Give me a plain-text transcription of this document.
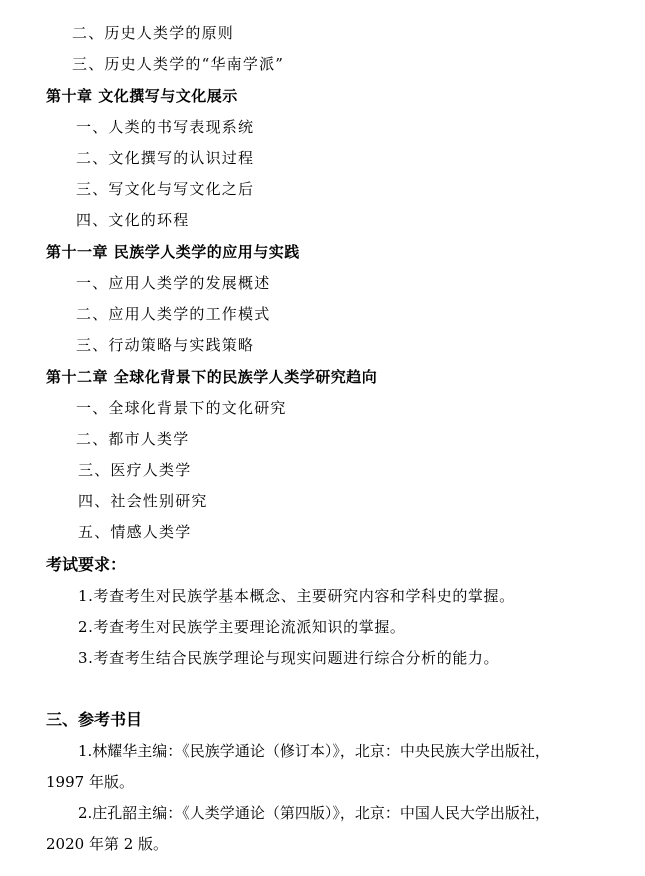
二、历史人类学的原则
三、历史人类学的“华南学派”
第十章 文化撰写与文化展示
一、人类的书写表现系统
二、文化撰写的认识过程
三、写文化与写文化之后
四、文化的环程
第十一章 民族学人类学的应用与实践
一、应用人类学的发展概述
二、应用人类学的工作模式
三、行动策略与实践策略
第十二章 全球化背景下的民族学人类学研究趋向
一、全球化背景下的文化研究
二、都市人类学
三、医疗人类学
四、社会性别研究
五、情感人类学
考试要求：
1.考查考生对民族学基本概念、主要研究内容和学科史的掌握。
2.考查考生对民族学主要理论流派知识的掌握。
3.考查考生结合民族学理论与现实问题进行综合分析的能力。
三、参考书目
1.林耀华主编：《民族学通论（修订本）》，北京：中央民族大学出版社，
1997 年版。
2.庄孔韶主编：《人类学通论（第四版）》，北京：中国人民大学出版社，
2020 年第 2 版。
